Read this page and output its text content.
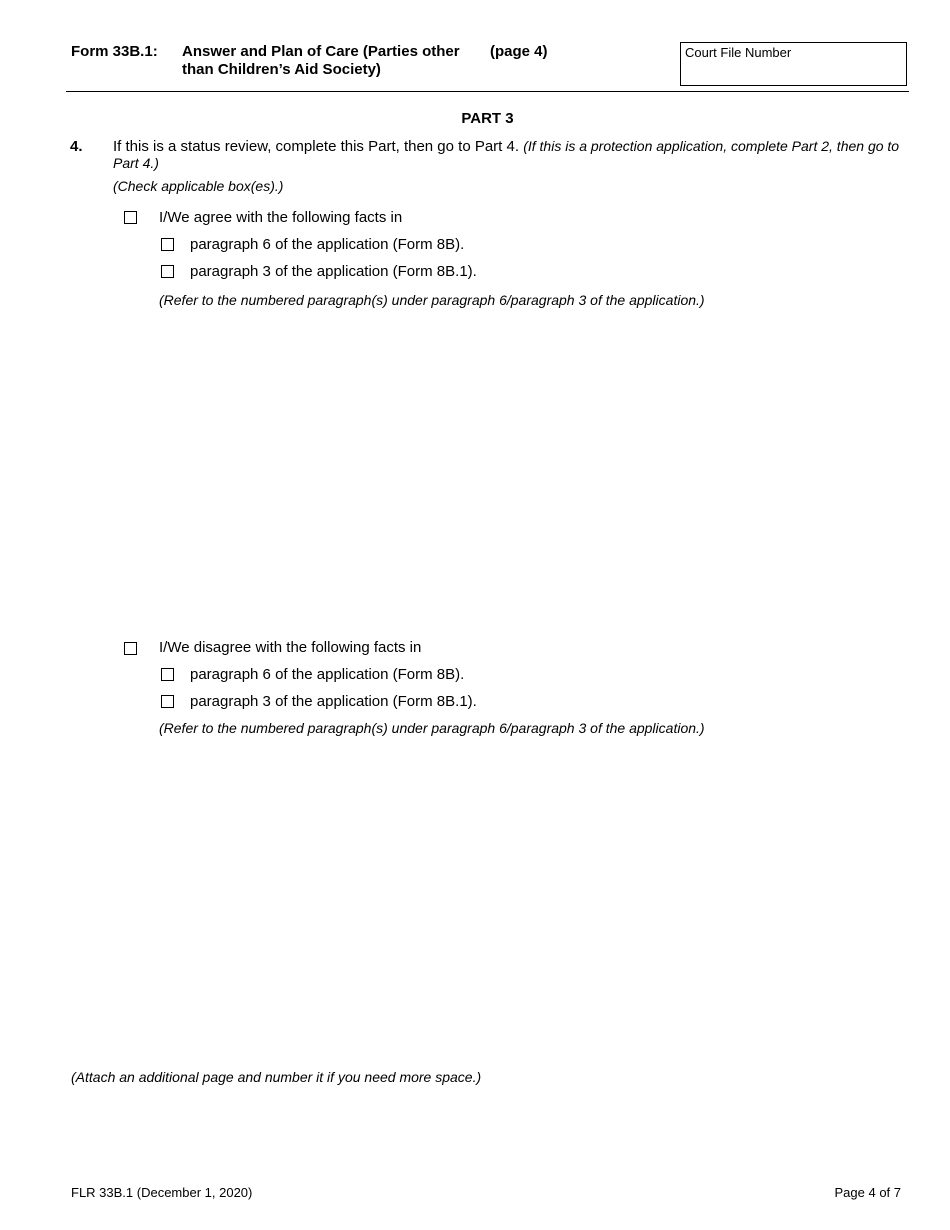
Form 33B.1: Answer and Plan of Care (Parties other than Children’s Aid Society)
(page 4)	Court File Number
PART 3
4. If this is a status review, complete this Part, then go to Part 4. (If this is a protection application, complete Part 2, then go to Part 4.)
(Check applicable box(es).)
I/We agree with the following facts in
paragraph 6 of the application (Form 8B).
paragraph 3 of the application (Form 8B.1).
(Refer to the numbered paragraph(s) under paragraph 6/paragraph 3 of the application.)
I/We disagree with the following facts in
paragraph 6 of the application (Form 8B).
paragraph 3 of the application (Form 8B.1).
(Refer to the numbered paragraph(s) under paragraph 6/paragraph 3 of the application.)
(Attach an additional page and number it if you need more space.)
FLR 33B.1 (December 1, 2020)	Page 4 of 7
